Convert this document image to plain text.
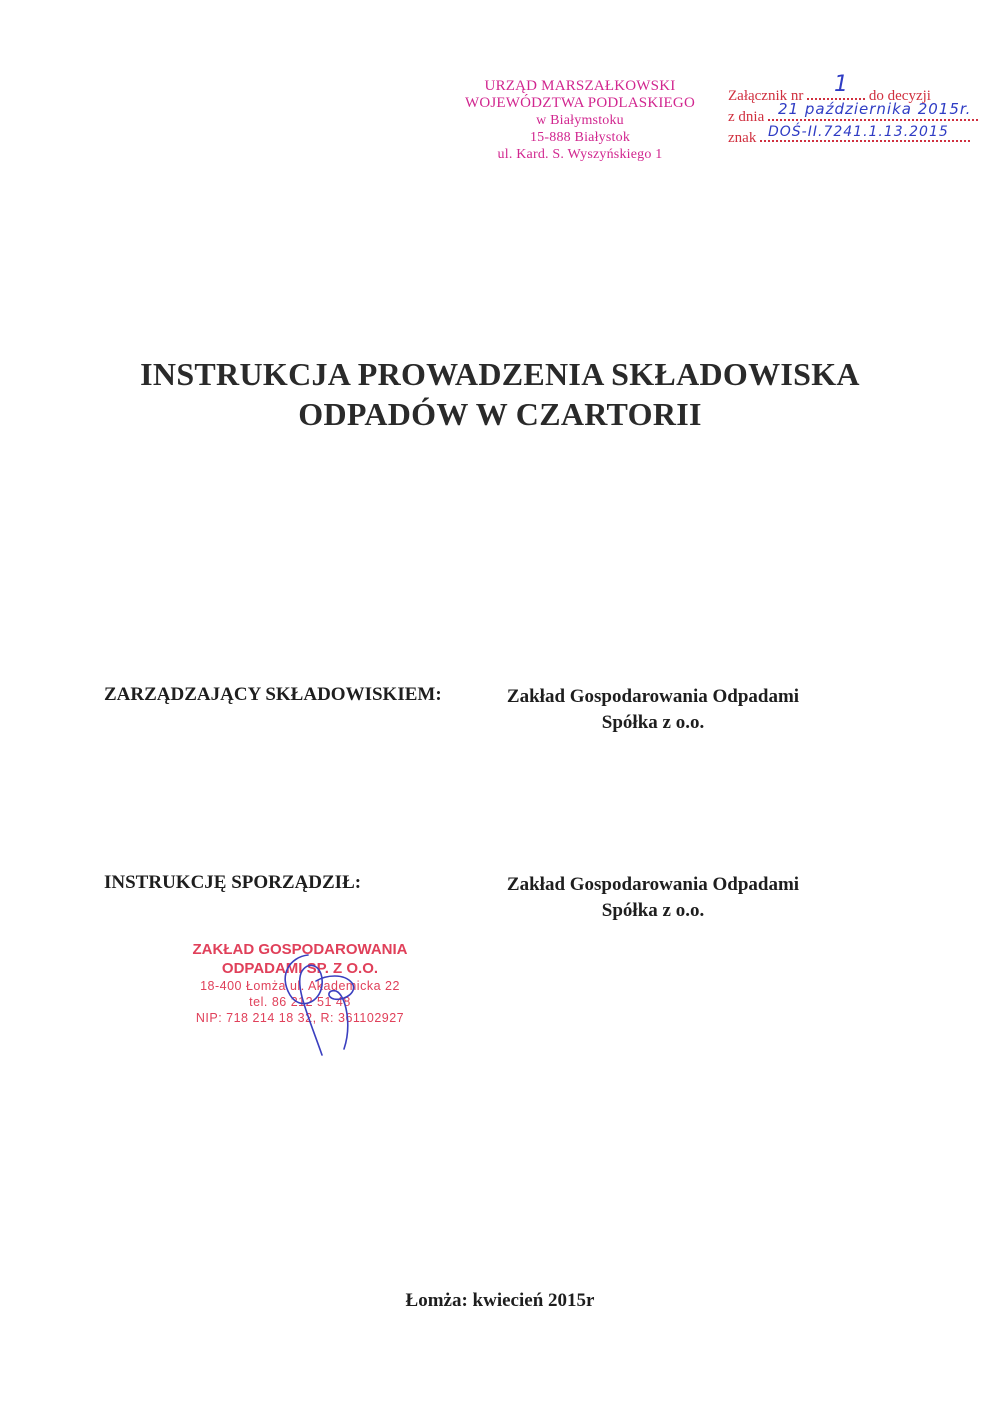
URZĄD MARSZAŁKOWSKI
WOJEWÓDZTWA PODLASKIEGO
w Białymstoku
15-888 Białystok
ul. Kard. S. Wyszyńskiego 1
Załącznik nr	do decyzji
1
z dnia 21 października 2015r.
znak DOŚ-II.7241.1.13.2015
INSTRUKCJA PROWADZENIA SKŁADOWISKA
ODPADÓW W CZARTORII
ZARZĄDZAJĄCY SKŁADOWISKIEM:	Zakład Gospodarowania Odpadami
Spółka z o.o.
INSTRUKCJĘ SPORZĄDZIŁ:	Zakład Gospodarowania Odpadami
Spółka z o.o.
ZAKŁAD GOSPODAROWANIA
ODPADAMI SP. Z O.O.
18-400 Łomża ul. Akademicka 22
tel. 86 212 51 48
NIP: 718 214 18 32, R: 361102927
Łomża: kwiecień 2015r
